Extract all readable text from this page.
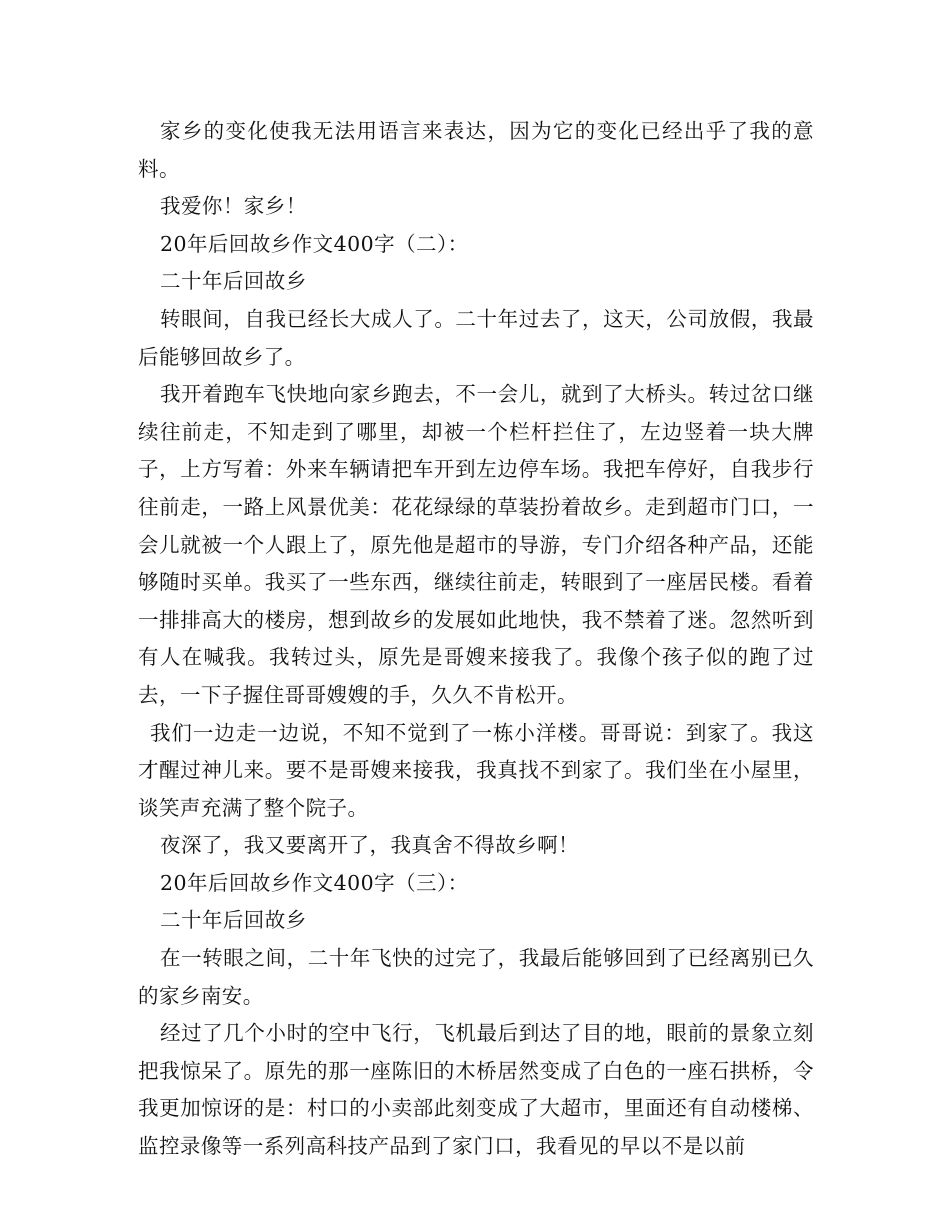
家乡的变化使我无法用语言来表达，因为它的变化已经出乎了我的意料。

我爱你！家乡！

20年后回故乡作文400字（二）：

二十年后回故乡

转眼间，自我已经长大成人了。二十年过去了，这天，公司放假，我最后能够回故乡了。

我开着跑车飞快地向家乡跑去，不一会儿，就到了大桥头。转过岔口继续往前走，不知走到了哪里，却被一个栏杆拦住了，左边竖着一块大牌子，上方写着：外来车辆请把车开到左边停车场。我把车停好，自我步行往前走，一路上风景优美：花花绿绿的草装扮着故乡。走到超市门口，一会儿就被一个人跟上了，原先他是超市的导游，专门介绍各种产品，还能够随时买单。我买了一些东西，继续往前走，转眼到了一座居民楼。看着一排排高大的楼房，想到故乡的发展如此地快，我不禁着了迷。忽然听到有人在喊我。我转过头，原先是哥嫂来接我了。我像个孩子似的跑了过去，一下子握住哥哥嫂嫂的手，久久不肯松开。

我们一边走一边说，不知不觉到了一栋小洋楼。哥哥说：到家了。我这才醒过神儿来。要不是哥嫂来接我，我真找不到家了。我们坐在小屋里，谈笑声充满了整个院子。

夜深了，我又要离开了，我真舍不得故乡啊！

20年后回故乡作文400字（三）：

二十年后回故乡

在一转眼之间，二十年飞快的过完了，我最后能够回到了已经离别已久的家乡南安。

经过了几个小时的空中飞行，飞机最后到达了目的地，眼前的景象立刻把我惊呆了。原先的那一座陈旧的木桥居然变成了白色的一座石拱桥，令我更加惊讶的是：村口的小卖部此刻变成了大超市，里面还有自动楼梯、监控录像等一系列高科技产品到了家门口，我看见的早以不是以前
